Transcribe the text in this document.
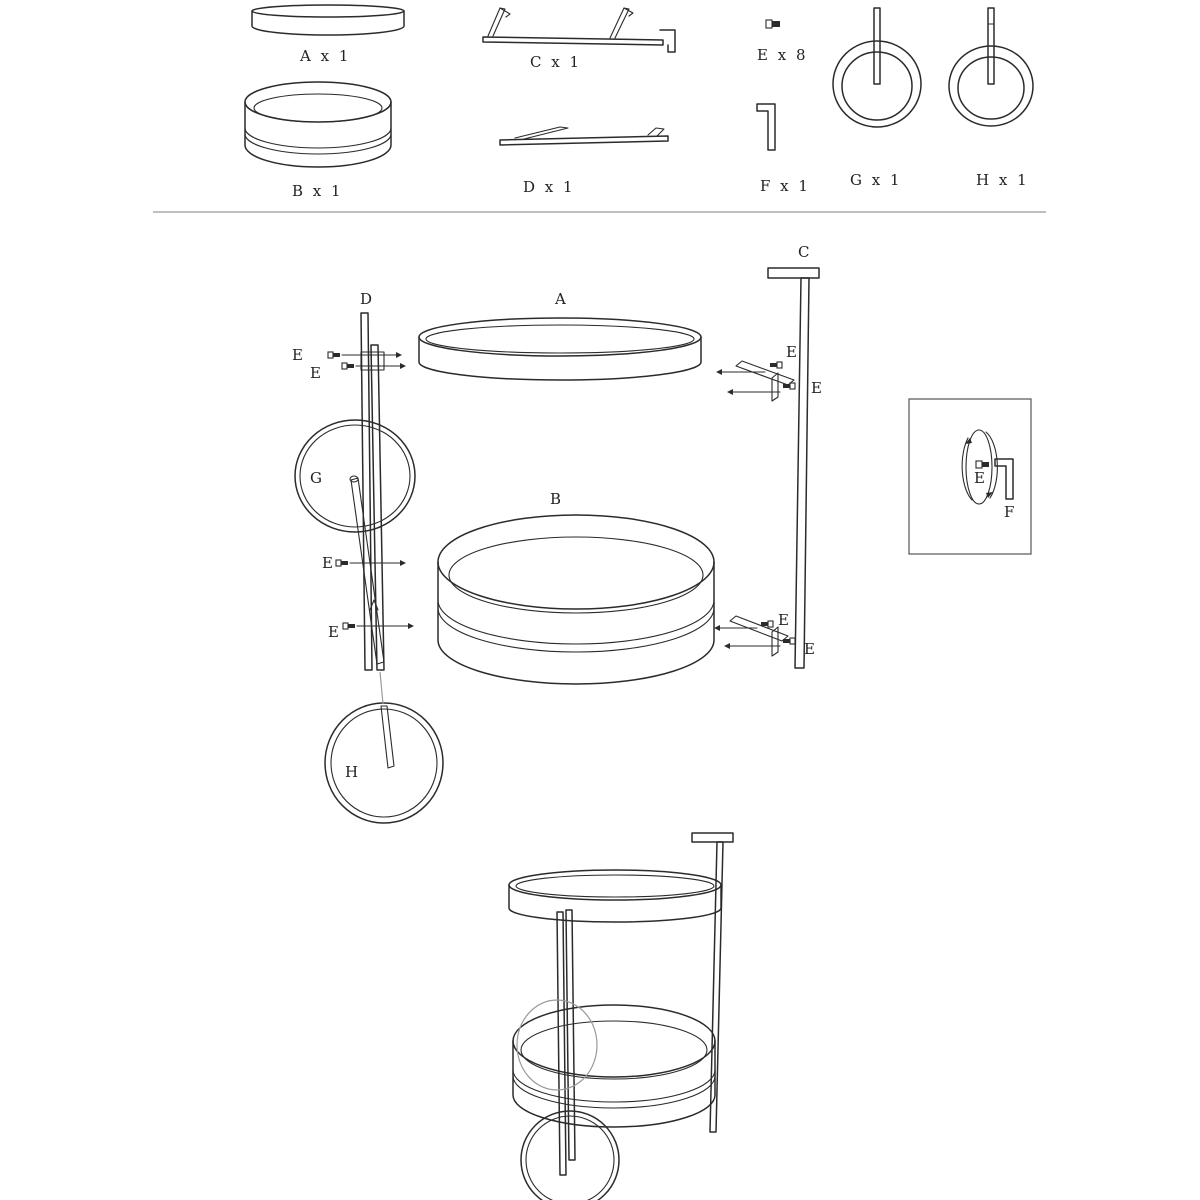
A x 1
B x 1
C x 1
D x 1
E x 8
F x 1	G x 1	H x 1
A
B
D
G
H
E
E
E
E
C
E
E
E
E
E
F
